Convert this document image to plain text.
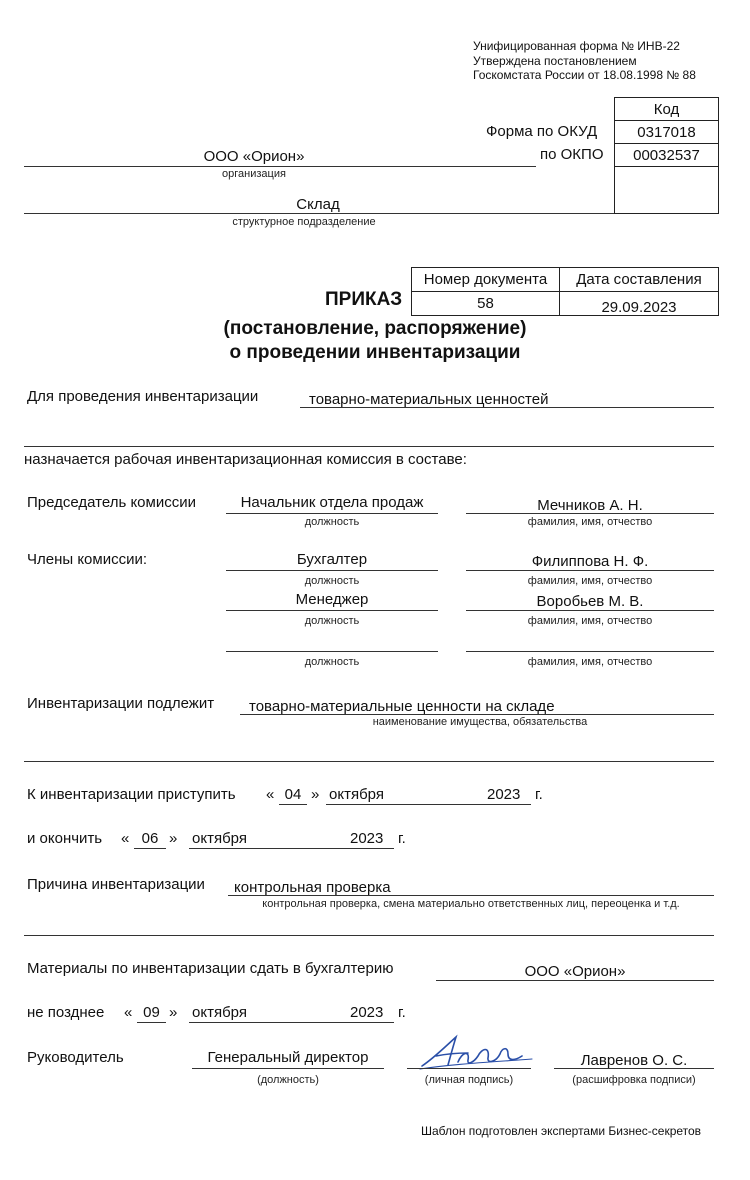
Унифицированная форма № ИНВ-22
Утверждена постановлением
Госкомстата России от 18.08.1998 № 88
Код
0317018
00032537
Форма по ОКУД
по ОКПО
ООО «Орион»
организация
Склад
структурное подразделение
Номер документа Дата составления
58	29.09.2023
ПРИКАЗ
(постановление, распоряжение)
о проведении инвентаризации
Для проведения инвентаризации	товарно-материальных ценностей
назначается рабочая инвентаризационная комиссия в составе:
Председатель комиссии	Начальник отдела продаж
должность
Мечников А. Н.
фамилия, имя, отчество
Члены комиссии:	Бухгалтер
должность
Филиппова Н. Ф.
фамилия, имя, отчество
Менеджер
должность
Воробьев М. В.
фамилия, имя, отчество
должность	фамилия, имя, отчество
Инвентаризации подлежит товарно-материальные ценности на складе
наименование имущества, обязательства
К инвентаризации приступить « 04 » октября	2023 г.
и окончить « 06 » октября	2023 г.
Причина инвентаризации контрольная проверка
контрольная проверка, смена материально ответственных лиц, переоценка и т.д.
Материалы по инвентаризации сдать в бухгалтерию	ООО «Орион»
не позднее « 09 » октября	2023 г.
Руководитель	Генеральный директор
(должность)	(личная подпись)
Лавренов О. С.
(расшифровка подписи)
Шаблон подготовлен экспертами Бизнес-секретов
